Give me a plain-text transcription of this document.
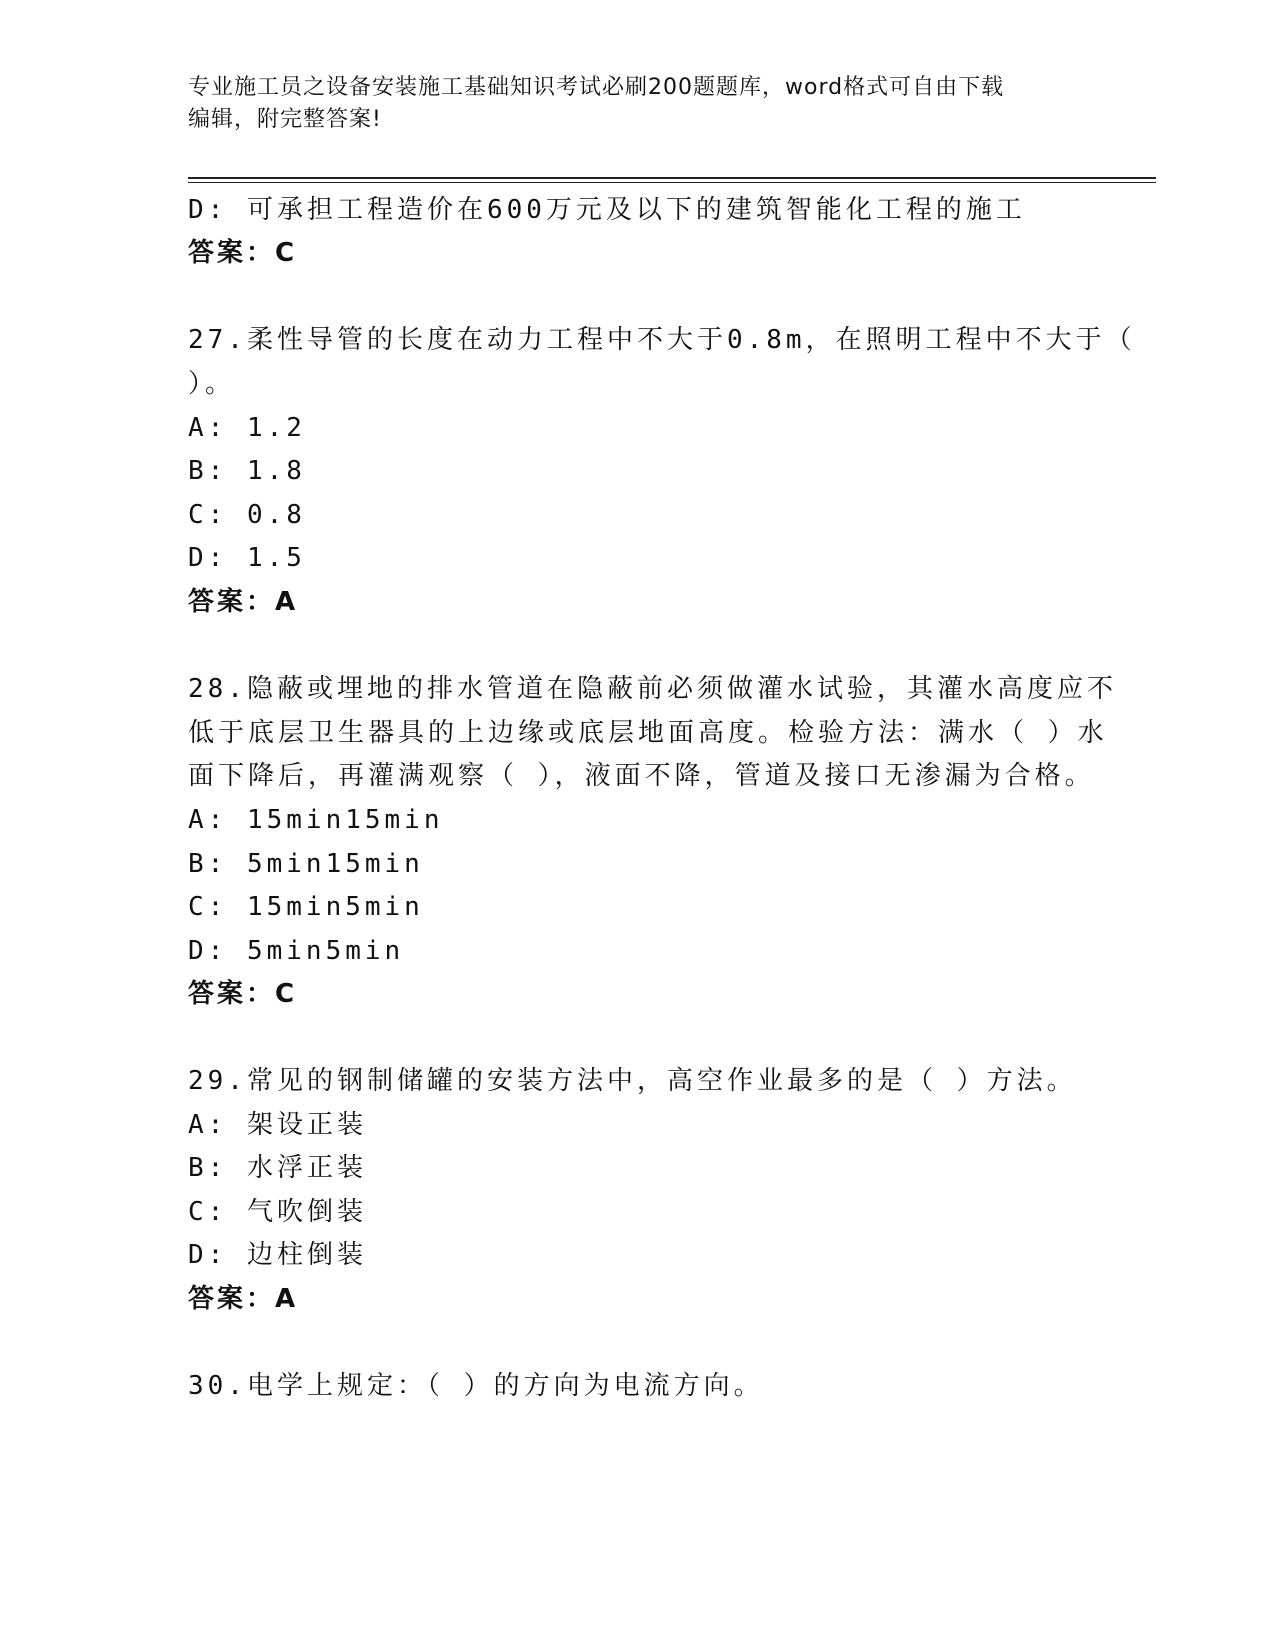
专业施工员之设备安装施工基础知识考试必刷200题题库，word格式可自由下载
编辑，附完整答案!
D: 可承担工程造价在600万元及以下的建筑智能化工程的施工
答案：C
27.柔性导管的长度在动力工程中不大于0.8m，在照明工程中不大于（
）。
A: 1.2
B: 1.8
C: 0.8
D: 1.5
答案：A
28.隐蔽或埋地的排水管道在隐蔽前必须做灌水试验，其灌水高度应不
低于底层卫生器具的上边缘或底层地面高度。检验方法：满水（ ）水
面下降后，再灌满观察（ ），液面不降，管道及接口无渗漏为合格。
A: 15min15min
B: 5min15min
C: 15min5min
D: 5min5min
答案：C
29.常见的钢制储罐的安装方法中，高空作业最多的是（ ）方法。
A: 架设正装
B: 水浮正装
C: 气吹倒装
D: 边柱倒装
答案：A
30.电学上规定：（ ）的方向为电流方向。
